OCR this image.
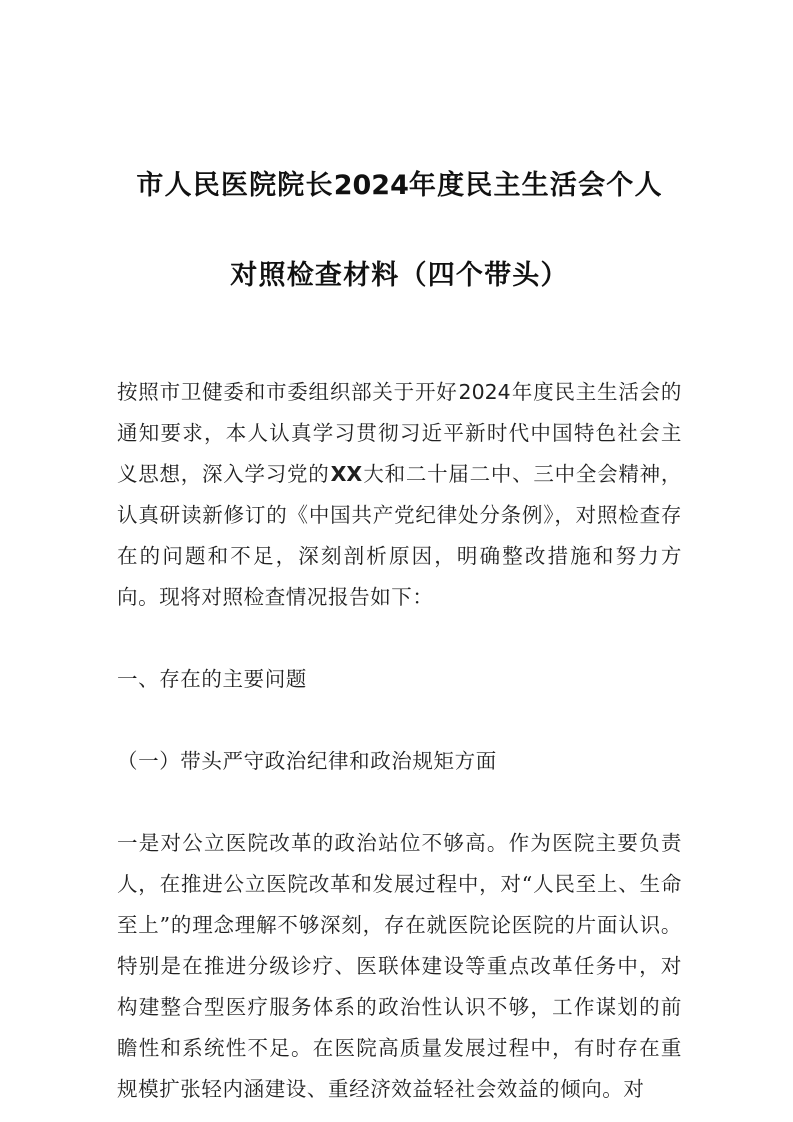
市人民医院院长2024年度民主生活会个人

对照检查材料（四个带头）

按照市卫健委和市委组织部关于开好2024年度民主生活会的通知要求，本人认真学习贯彻习近平新时代中国特色社会主义思想，深入学习党的XX大和二十届二中、三中全会精神，认真研读新修订的《中国共产党纪律处分条例》，对照检查存在的问题和不足，深刻剖析原因，明确整改措施和努力方向。现将对照检查情况报告如下：

一、存在的主要问题

（一）带头严守政治纪律和政治规矩方面

一是对公立医院改革的政治站位不够高。作为医院主要负责人，在推进公立医院改革和发展过程中，对“人民至上、生命至上”的理念理解不够深刻，存在就医院论医院的片面认识。特别是在推进分级诊疗、医联体建设等重点改革任务中，对构建整合型医疗服务体系的政治性认识不够，工作谋划的前瞻性和系统性不足。在医院高质量发展过程中，有时存在重规模扩张轻内涵建设、重经济效益轻社会效益的倾向。对
